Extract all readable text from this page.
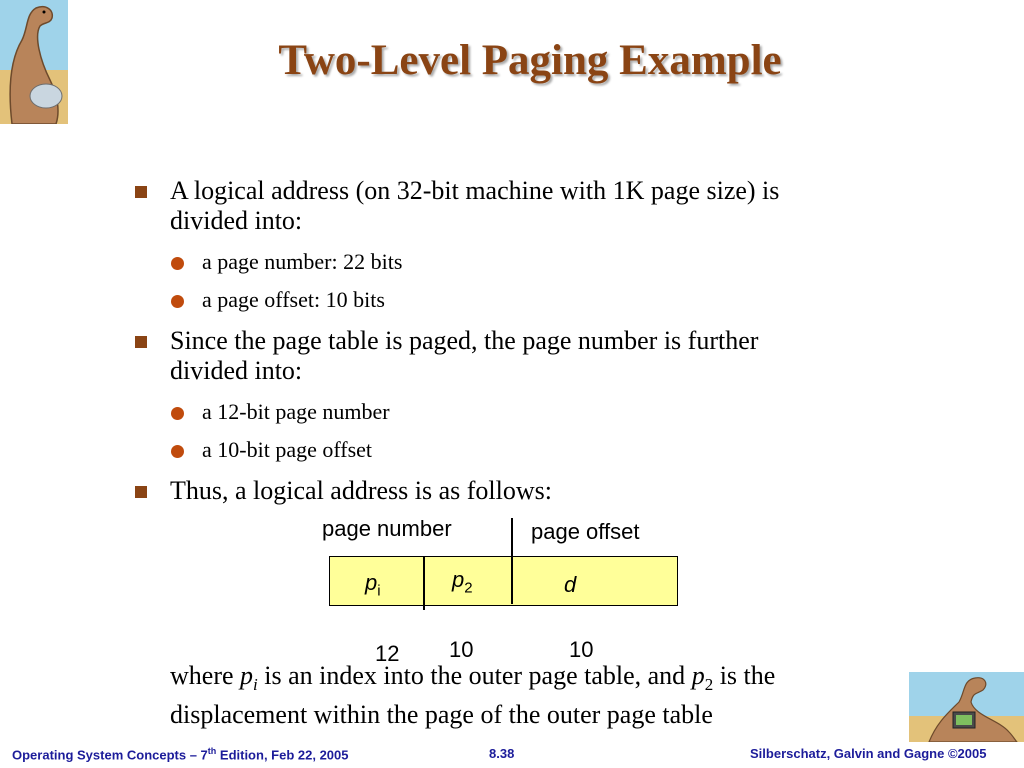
Two-Level Paging Example
A logical address (on 32-bit machine with 1K page size) is
divided into:
a page number: 22 bits
a page offset: 10 bits
Since the page table is paged, the page number is further
divided into:
a 12-bit page number
a 10-bit page offset
Thus, a logical address is as follows:
page number	page offset
$p_i$	$p_2$	d
12 10	10
where $p_i$ is an index into the outer page table, and $p_2$ is the
displacement within the page of the outer page table
Operating System Concepts – 7th Edition, Feb 22, 2005	8.38	Silberschatz, Galvin and Gagne ©2005
